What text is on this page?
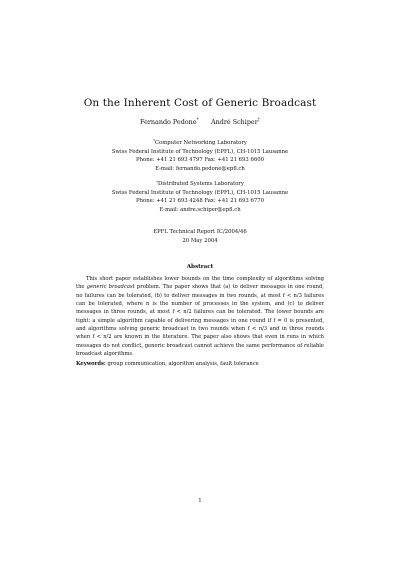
On the Inherent Cost of Generic Broadcast
Fernando Pedone* André Schiper†
*Computer Networking Laboratory
Swiss Federal Institute of Technology (EPFL), CH-1015 Lausanne
Phone: +41 21 693 4797 Fax: +41 21 693 6600
E-mail: fernando.pedone@epfl.ch
†Distributed Systems Laboratory
Swiss Federal Institute of Technology (EPFL), CH-1015 Lausanne
Phone: +41 21 693 4248 Fax: +41 21 693 6770
E-mail: andre.schiper@epfl.ch
EPFL Technical Report IC/2004/46
20 May 2004
Abstract

This short paper establishes lower bounds on the time complexity of algorithms solving the generic broadcast problem. The paper shows that (a) to deliver messages in one round, no failures can be tolerated, (b) to deliver messages in two rounds, at most f < n/3 failures can be tolerated, where n is the number of processes in the system, and (c) to deliver messages in three rounds, at most f < n/2 failures can be tolerated. The lower bounds are tight: a simple algorithm capable of delivering messages in one round if f = 0 is presented, and algorithms solving generic broadcast in two rounds when f < n/3 and in three rounds when f < n/2 are known in the literature. The paper also shows that even in runs in which messages do not conflict, generic broadcast cannot achieve the same performance of reliable broadcast algorithms.

Keywords: group communication, algorithm analysis, fault tolerance
1
